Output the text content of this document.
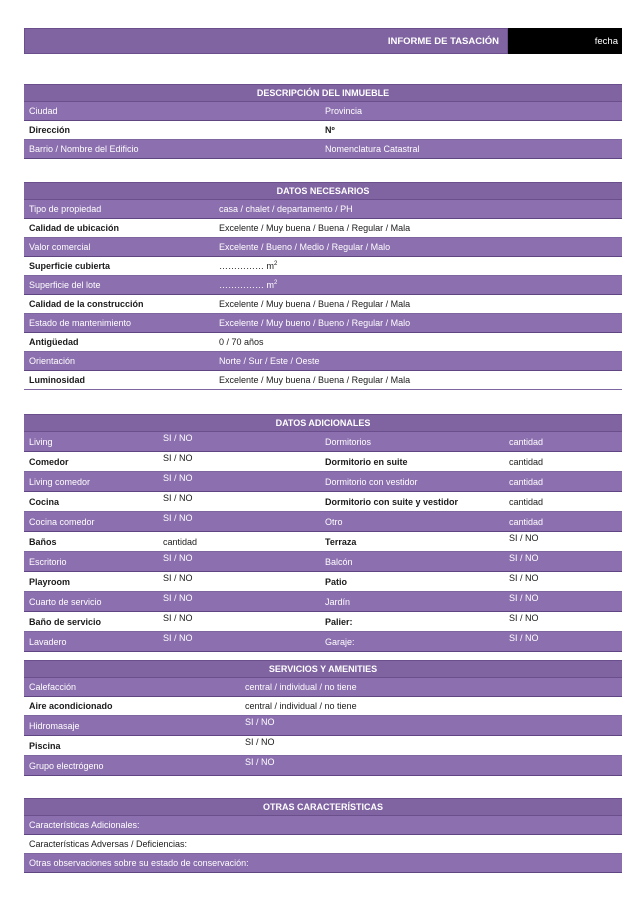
INFORME DE TASACIÓN	fecha
DESCRIPCIÓN DEL INMUEBLE	
Ciudad	Provincia
Dirección	Nº
Barrio / Nombre del Edificio	Nomenclatura Catastral
DATOS NECESARIOS	
Tipo de propiedad	casa / chalet / departamento / PH
Calidad de ubicación	Excelente / Muy buena / Buena / Regular / Mala
Valor comercial	Excelente / Bueno / Medio / Regular / Malo
Superficie cubierta	…………… $m^2$
Superficie del lote	…………… $m^2$
Calidad de la construcción	Excelente / Muy buena / Buena / Regular / Mala
Estado de mantenimiento	Excelente / Muy bueno / Bueno / Regular / Malo
Antigüedad	0 / 70 años
Orientación	Norte / Sur / Este / Oeste
Luminosidad	Excelente / Muy buena / Buena / Regular / Mala
DATOS ADICIONALES			
Living	SI / NO	Dormitorios	cantidad
Comedor	SI / NO	Dormitorio en suite	cantidad
Living comedor	SI / NO	Dormitorio con vestidor	cantidad
Cocina	SI / NO	Dormitorio con suite y vestidor	cantidad
Cocina comedor	SI / NO	Otro	cantidad
Baños	cantidad	Terraza	SI / NO
Escritorio	SI / NO	Balcón	SI / NO
Playroom	SI / NO	Patio	SI / NO
Cuarto de servicio	SI / NO	Jardín	SI / NO
Baño de servicio	SI / NO	Palier:	SI / NO
Lavadero	SI / NO	Garaje:	SI / NO
SERVICIOS Y AMENITIES	
Calefacción	central / individual / no tiene
Aire acondicionado	central / individual / no tiene
Hidromasaje	SI / NO
Piscina	SI / NO
Grupo electrógeno	SI / NO
OTRAS CARACTERÍSTICAS
Características Adicionales:
Características Adversas / Deficiencias:
Otras observaciones sobre su estado de conservación:
